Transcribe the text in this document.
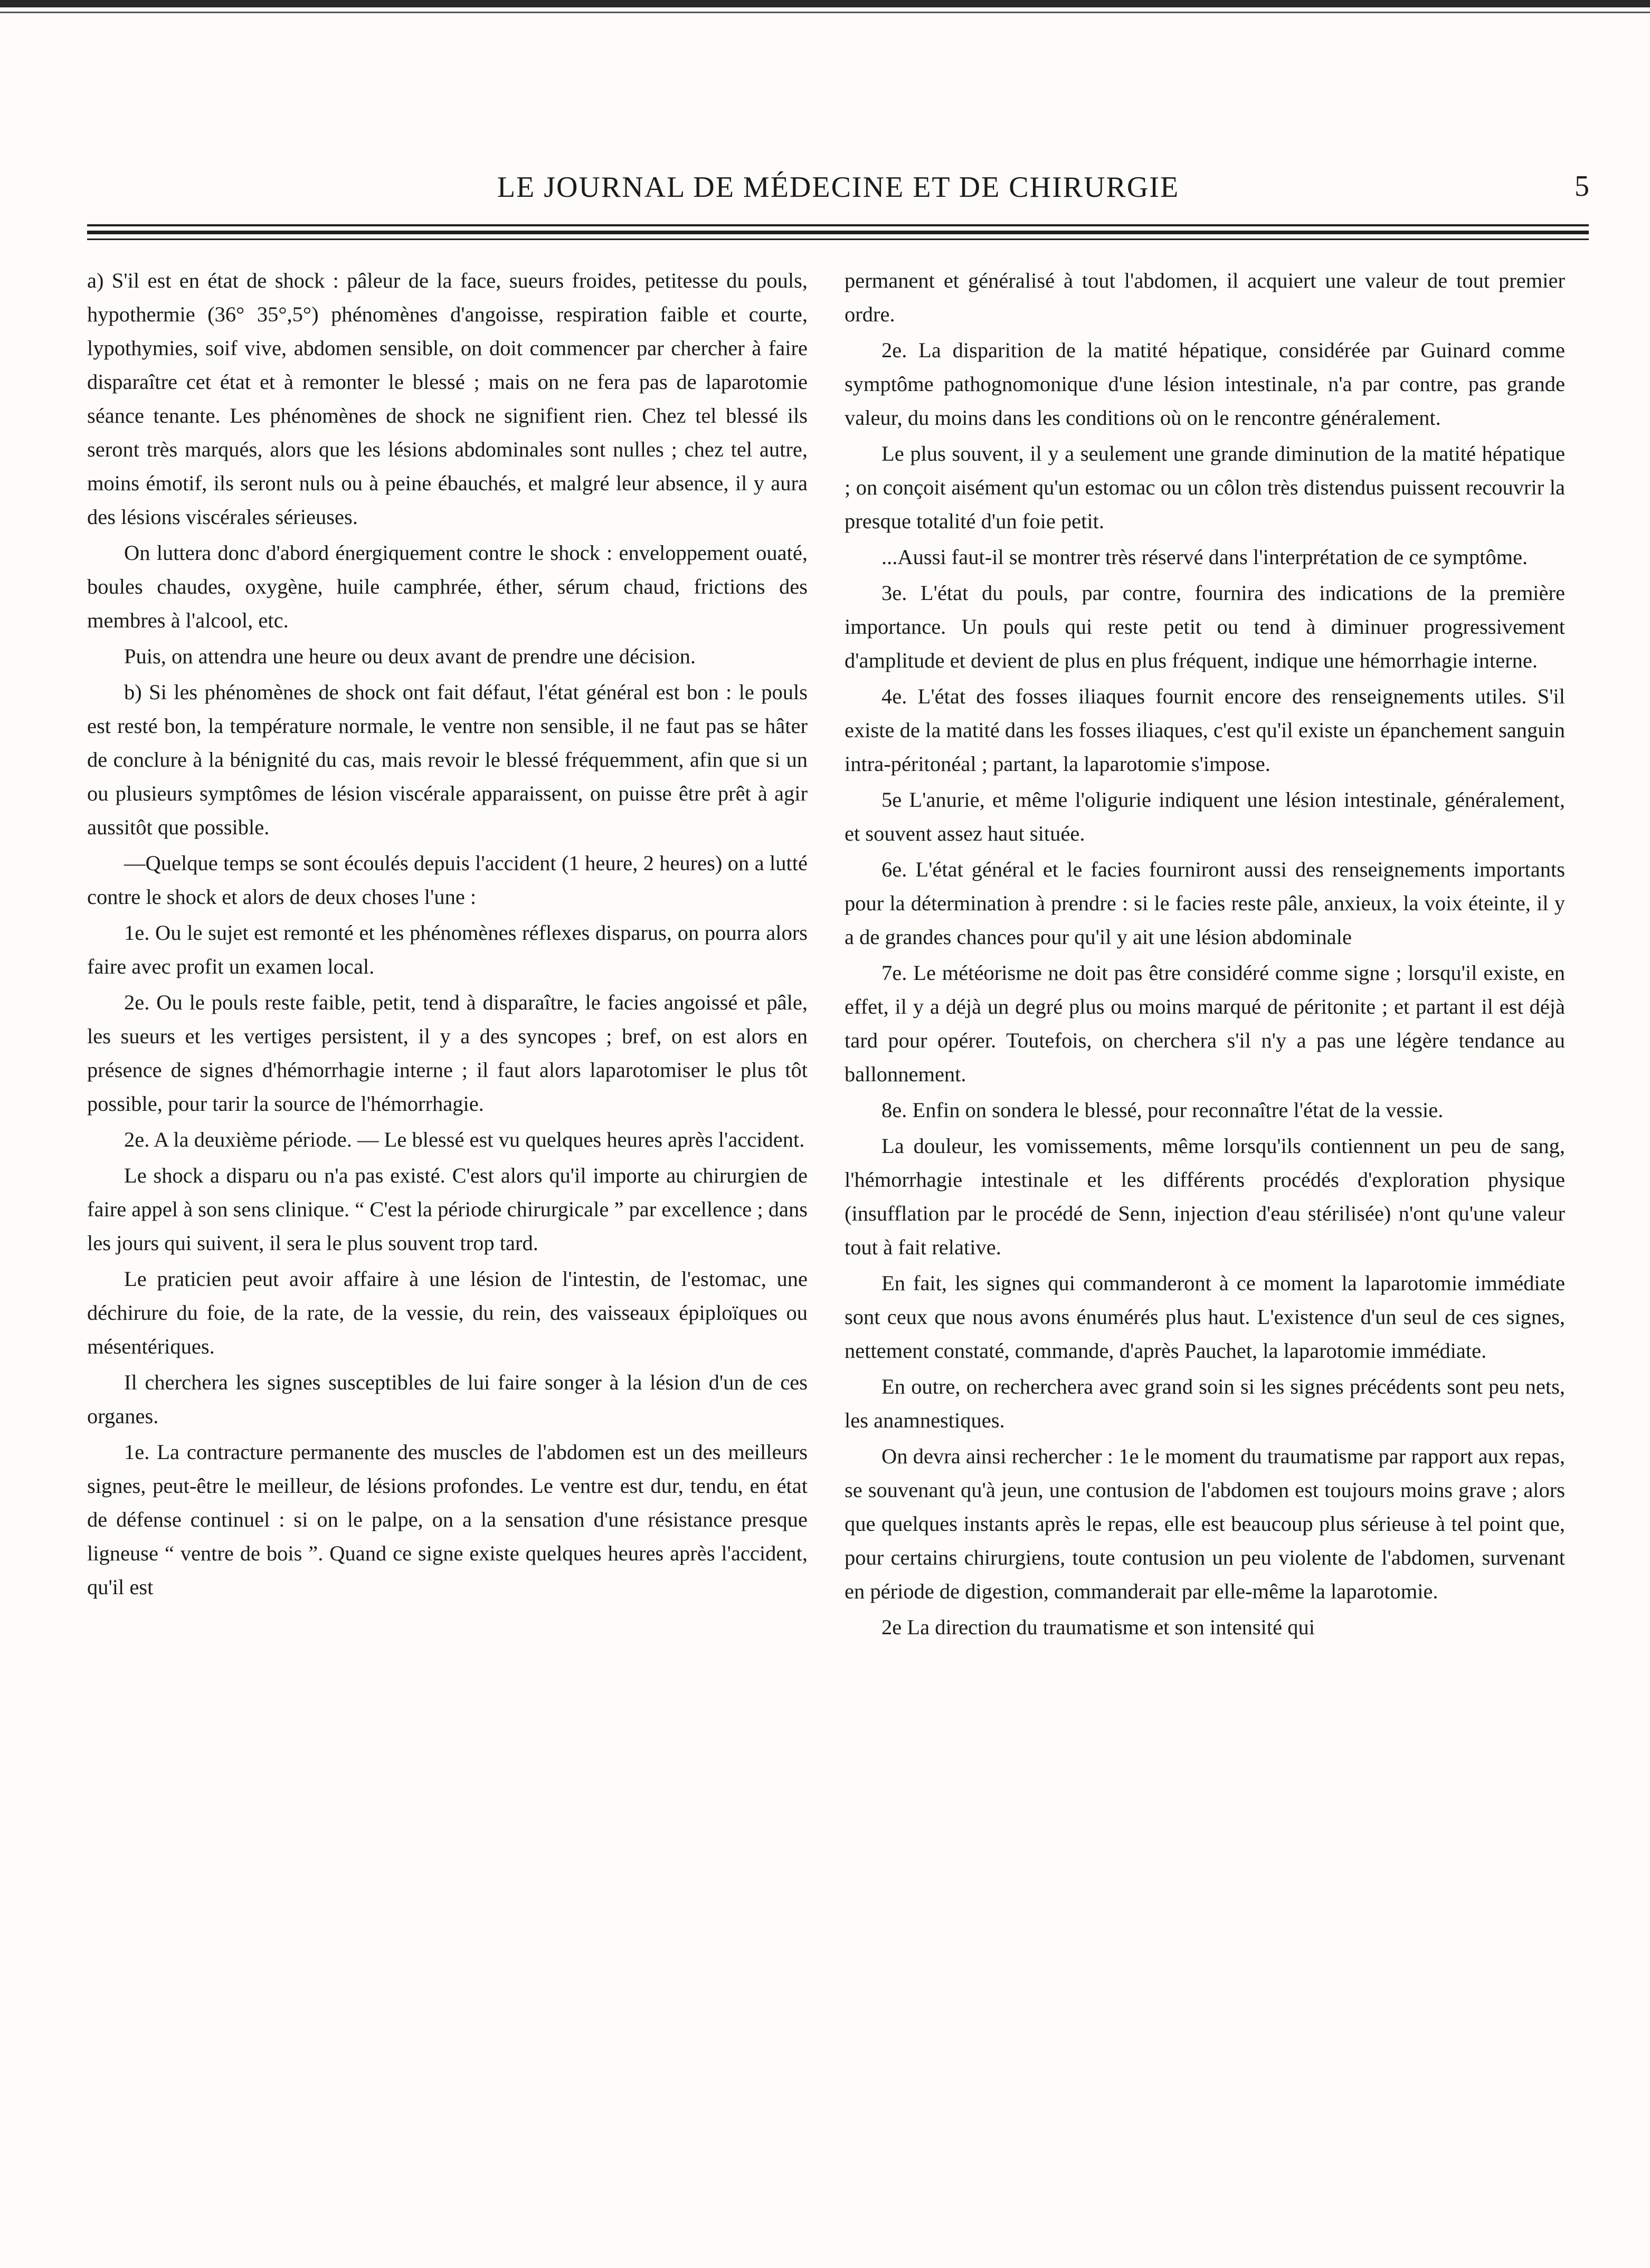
LE JOURNAL DE MÉDECINE ET DE CHIRURGIE	5

a) S'il est en état de shock : pâleur de la face, sueurs froides, petitesse du pouls, hypothermie (36° 35°,5°) phénomènes d'angoisse, respiration faible et courte, lypothymies, soif vive, abdomen sensible, on doit commencer par chercher à faire disparaître cet état et à remonter le blessé ; mais on ne fera pas de laparotomie séance tenante. Les phénomènes de shock ne signifient rien. Chez tel blessé ils seront très marqués, alors que les lésions abdominales sont nulles ; chez tel autre, moins émotif, ils seront nuls ou à peine ébauchés, et malgré leur absence, il y aura des lésions viscérales sérieuses.

On luttera donc d'abord énergiquement contre le shock : enveloppement ouaté, boules chaudes, oxygène, huile camphrée, éther, sérum chaud, frictions des membres à l'alcool, etc.

Puis, on attendra une heure ou deux avant de prendre une décision.

b) Si les phénomènes de shock ont fait défaut, l'état général est bon : le pouls est resté bon, la température normale, le ventre non sensible, il ne faut pas se hâter de conclure à la bénignité du cas, mais revoir le blessé fréquemment, afin que si un ou plusieurs symptômes de lésion viscérale apparaissent, on puisse être prêt à agir aussitôt que possible.

—Quelque temps se sont écoulés depuis l'accident (1 heure, 2 heures) on a lutté contre le shock et alors de deux choses l'une :

1e. Ou le sujet est remonté et les phénomènes réflexes disparus, on pourra alors faire avec profit un examen local.

2e. Ou le pouls reste faible, petit, tend à disparaître, le facies angoissé et pâle, les sueurs et les vertiges persistent, il y a des syncopes ; bref, on est alors en présence de signes d'hémorrhagie interne ; il faut alors laparotomiser le plus tôt possible, pour tarir la source de l'hémorrhagie.

2e. A la deuxième période. — Le blessé est vu quelques heures après l'accident.

Le shock a disparu ou n'a pas existé. C'est alors qu'il importe au chirurgien de faire appel à son sens clinique. “ C'est la période chirurgicale ” par excellence ; dans les jours qui suivent, il sera le plus souvent trop tard.

Le praticien peut avoir affaire à une lésion de l'intestin, de l'estomac, une déchirure du foie, de la rate, de la vessie, du rein, des vaisseaux épiploïques ou mésentériques.

Il cherchera les signes susceptibles de lui faire songer à la lésion d'un de ces organes.

1e. La contracture permanente des muscles de l'abdomen est un des meilleurs signes, peut-être le meilleur, de lésions profondes. Le ventre est dur, tendu, en état de défense continuel : si on le palpe, on a la sensation d'une résistance presque ligneuse “ ventre de bois ”. Quand ce signe existe quelques heures après l'accident, qu'il est

permanent et généralisé à tout l'abdomen, il acquiert une valeur de tout premier ordre.

2e. La disparition de la matité hépatique, considérée par Guinard comme symptôme pathognomonique d'une lésion intestinale, n'a par contre, pas grande valeur, du moins dans les conditions où on le rencontre généralement.

Le plus souvent, il y a seulement une grande diminution de la matité hépatique ; on conçoit aisément qu'un estomac ou un côlon très distendus puissent recouvrir la presque totalité d'un foie petit.

...Aussi faut-il se montrer très réservé dans l'interprétation de ce symptôme.

3e. L'état du pouls, par contre, fournira des indications de la première importance. Un pouls qui reste petit ou tend à diminuer progressivement d'amplitude et devient de plus en plus fréquent, indique une hémorrhagie interne.

4e. L'état des fosses iliaques fournit encore des renseignements utiles. S'il existe de la matité dans les fosses iliaques, c'est qu'il existe un épanchement sanguin intra-péritonéal ; partant, la laparotomie s'impose.

5e L'anurie, et même l'oligurie indiquent une lésion intestinale, généralement, et souvent assez haut située.

6e. L'état général et le facies fourniront aussi des renseignements importants pour la détermination à prendre : si le facies reste pâle, anxieux, la voix éteinte, il y a de grandes chances pour qu'il y ait une lésion abdominale

7e. Le météorisme ne doit pas être considéré comme signe ; lorsqu'il existe, en effet, il y a déjà un degré plus ou moins marqué de péritonite ; et partant il est déjà tard pour opérer. Toutefois, on cherchera s'il n'y a pas une légère tendance au ballonnement.

8e. Enfin on sondera le blessé, pour reconnaître l'état de la vessie.

La douleur, les vomissements, même lorsqu'ils contiennent un peu de sang, l'hémorrhagie intestinale et les différents procédés d'exploration physique (insufflation par le procédé de Senn, injection d'eau stérilisée) n'ont qu'une valeur tout à fait relative.

En fait, les signes qui commanderont à ce moment la laparotomie immédiate sont ceux que nous avons énumérés plus haut. L'existence d'un seul de ces signes, nettement constaté, commande, d'après Pauchet, la laparotomie immédiate.

En outre, on recherchera avec grand soin si les signes précédents sont peu nets, les anamnestiques.

On devra ainsi rechercher : 1e le moment du traumatisme par rapport aux repas, se souvenant qu'à jeun, une contusion de l'abdomen est toujours moins grave ; alors que quelques instants après le repas, elle est beaucoup plus sérieuse à tel point que, pour certains chirurgiens, toute contusion un peu violente de l'abdomen, survenant en période de digestion, commanderait par elle-même la laparotomie.

2e La direction du traumatisme et son intensité qui
